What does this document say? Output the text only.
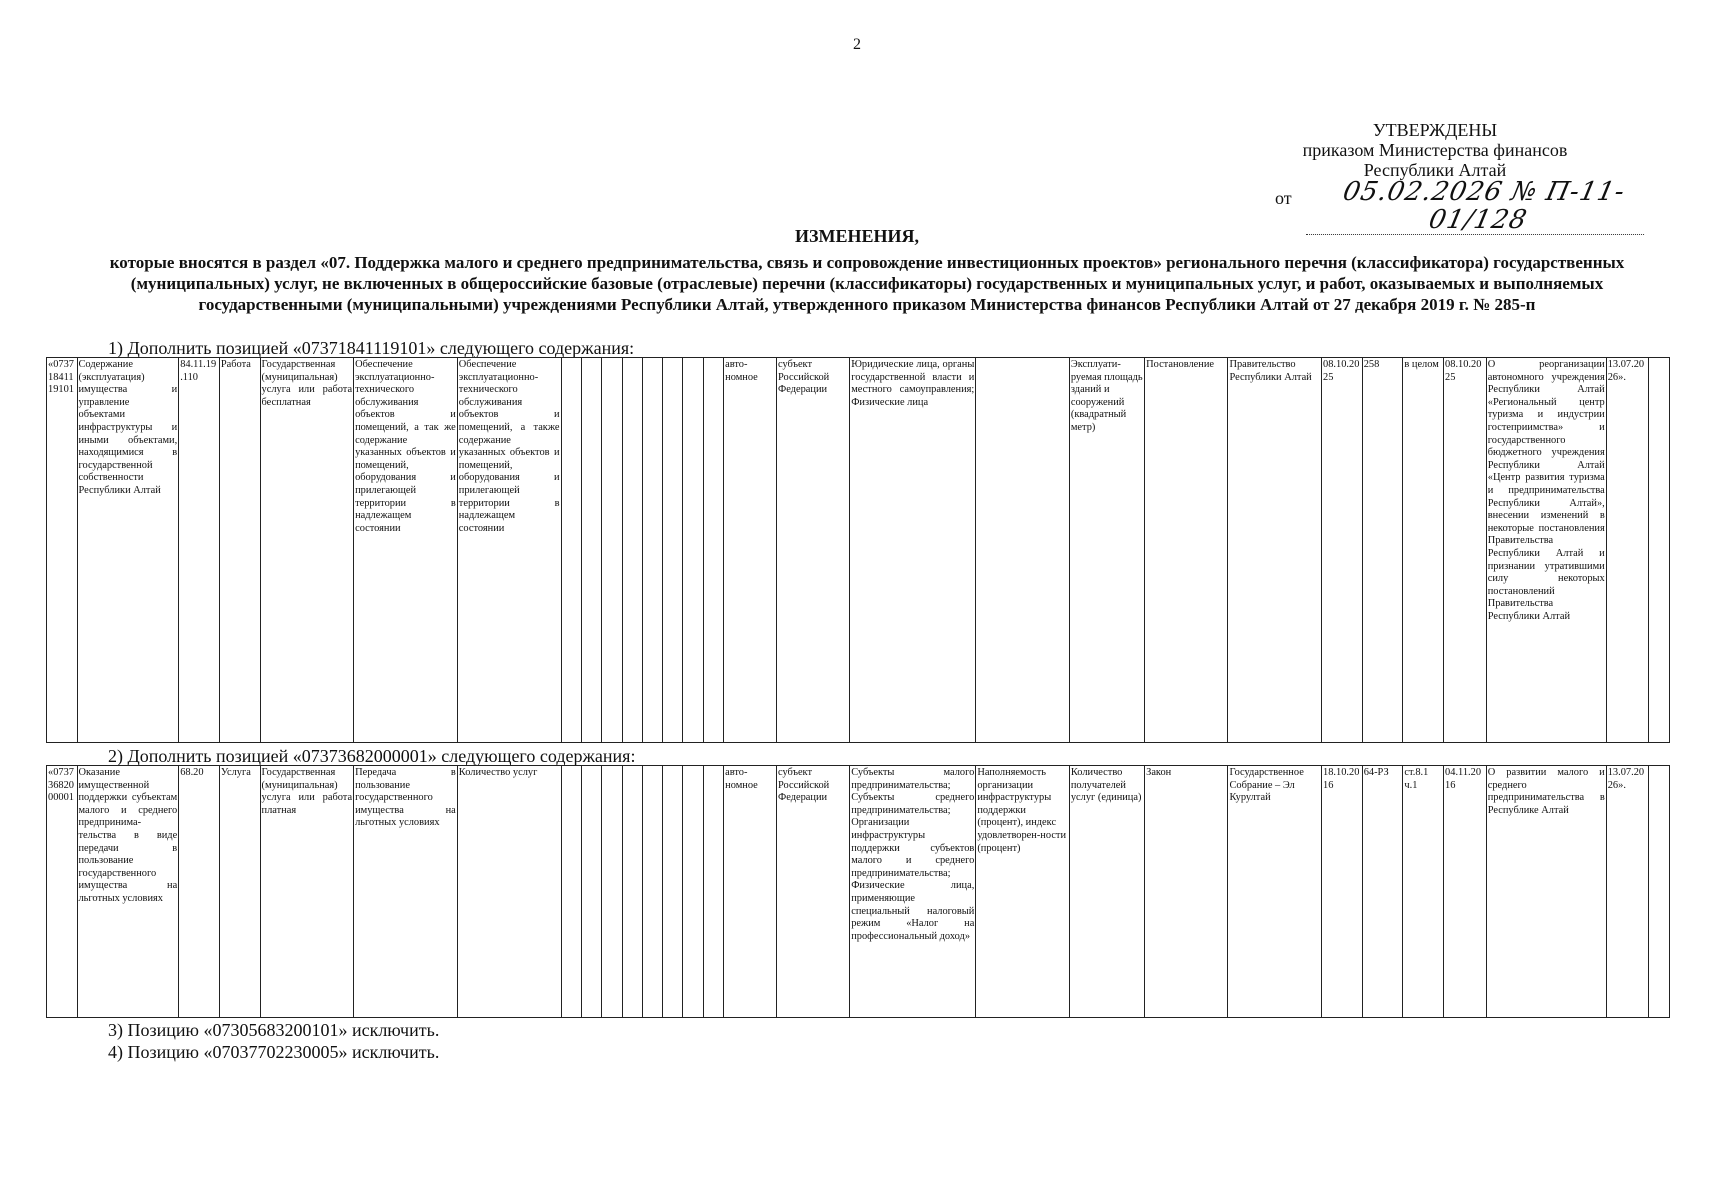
2
УТВЕРЖДЕНЫ
приказом Министерства финансов
Республики Алтай
от	05.02.2026 № П-11-01/128
ИЗМЕНЕНИЯ,
которые вносятся в раздел «07. Поддержка малого и среднего предпринимательства, связь и сопровождение инвестиционных проектов» регионального перечня (классификатора) государственных (муниципальных) услуг, не включенных в общероссийские базовые (отраслевые) перечни (классификаторы) государственных и муниципальных услуг, и работ, оказываемых и выполняемых государственными (муниципальными) учреждениями Республики Алтай, утвержденного приказом Министерства финансов Республики Алтай от 27 декабря 2019 г. № 285-п
1) Дополнить позицией «07371841119101» следующего содержания:
«07371841119101	Содержание (эксплуатация) имущества и управление объектами инфраструктуры и иными объектами, находящимися в государственной собственности Республики Алтай	84.11.19.110	Работа	Государственная (муниципальная) услуга или работа бесплатная	Обеспечение эксплуатационно-технического обслуживания объектов и помещений, а так же содержание указанных объектов и помещений, оборудования и прилегающей территории в надлежащем состоянии	Обеспечение эксплуатационно-технического обслуживания объектов и помещений, а также содержание указанных объектов и помещений, оборудования и прилегающей территории в надлежащем состоянии									авто-номное	субъект Российской Федерации	Юридические лица, органы государственной власти и местного самоуправления; Физические лица		Эксплуати-руемая площадь зданий и сооружений (квадратный метр)	Постановление	Правительство Республики Алтай	08.10.2025	258	в целом	08.10.2025	О реорганизации автономного учреждения Республики Алтай «Региональный центр туризма и индустрии гостеприимства» и государственного бюджетного учреждения Республики Алтай «Центр развития туризма и предпринимательства Республики Алтай», внесении изменений в некоторые постановления Правительства Республики Алтай и признании утратившими силу некоторых постановлений Правительства Республики Алтай	13.07.2026».	
2) Дополнить позицией «07373682000001» следующего содержания:
«07373682000001	Оказание имущественной поддержки субъектам малого и среднего предпринима-тельства в виде передачи в пользование государственного имущества на льготных условиях	68.20	Услуга	Государственная (муниципальная) услуга или работа платная	Передача в пользование государственного имущества на льготных условиях	Количество услуг									авто-номное	субъект Российской Федерации	Субъекты малого предпринимательства; Субъекты среднего предпринимательства; Организации инфраструктуры поддержки субъектов малого и среднего предпринимательства; Физические лица, применяющие специальный налоговый режим «Налог на профессиональный доход»	Наполняемость организации инфраструктуры поддержки (процент), индекс удовлетворен-ности (процент)	Количество получателей услуг (единица)	Закон	Государственное Собрание – Эл Курултай	18.10.2016	64-РЗ	ст.8.1 ч.1	04.11.2016	О развитии малого и среднего предпринимательства в Республике Алтай	13.07.2026».	
3) Позицию «07305683200101» исключить.
4) Позицию «07037702230005» исключить.
